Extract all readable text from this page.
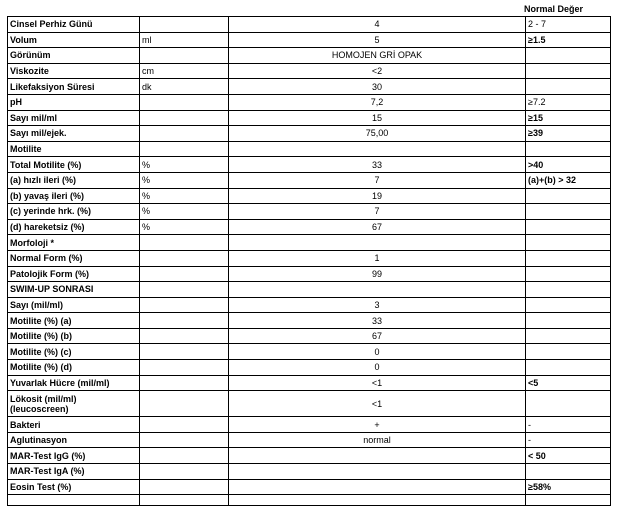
Normal Değer
Cinsel Perhiz Günü		4	2 - 7
Volum	ml	5	≥1.5
Görünüm		HOMOJEN GRİ OPAK	
Viskozite	cm	<2	
Likefaksiyon Süresi	dk	30	
pH		7,2	≥7.2
Sayı mil/ml		15	≥15
Sayı mil/ejek.		75,00	≥39
Motilite			
Total Motilite (%)	%	33	>40
(a) hızlı ileri (%)	%	7	(a)+(b) > 32
(b) yavaş ileri (%)	%	19	
(c) yerinde hrk. (%)	%	7	
(d) hareketsiz (%)	%	67	
Morfoloji *			
Normal Form (%)		1	
Patolojik Form (%)		99	
SWIM-UP SONRASI			
Sayı (mil/ml)		3	
Motilite (%) (a)		33	
Motilite (%) (b)		67	
Motilite (%) (c)		0	
Motilite (%) (d)		0	
Yuvarlak Hücre (mil/ml)		<1	<5
Lökosit (mil/ml) (leucoscreen)		<1	
Bakteri		+	-
Aglutinasyon		normal	-
MAR-Test IgG (%)			< 50
MAR-Test IgA (%)			
Eosin Test (%)			≥58%
